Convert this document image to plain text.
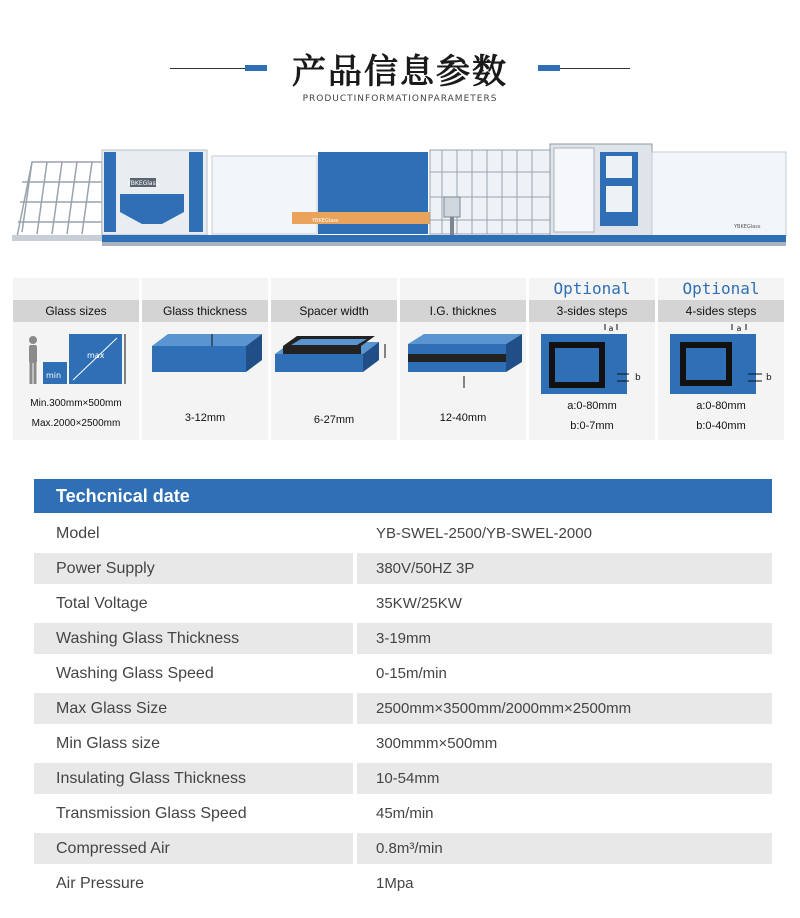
产品信息参数
PRODUCTINFORMATIONPARAMETERS
YBKEGlass
YBKEGlass
YBKEGlass
Glass sizes
min
max
Min.300mm×500mm
Max.2000×2500mm
Glass thickness
3-12mm
Spacer width
6-27mm
I.G. thicknes
12-40mm
Optional
3-sides steps
a
b
a:0-80mm
b:0-7mm
Optional
4-sides steps
a
b
a:0-80mm
b:0-40mm
Techcnical date
Model	YB-SWEL-2500/YB-SWEL-2000
Power Supply	380V/50HZ 3P
Total Voltage	35KW/25KW
Washing Glass Thickness	3-19mm
Washing Glass Speed	0-15m/min
Max Glass Size	2500mm×3500mm/2000mm×2500mm
Min Glass size	300mmm×500mm
Insulating Glass Thickness	10-54mm
Transmission Glass Speed	45m/min
Compressed Air	0.8m³/min
Air Pressure	1Mpa
